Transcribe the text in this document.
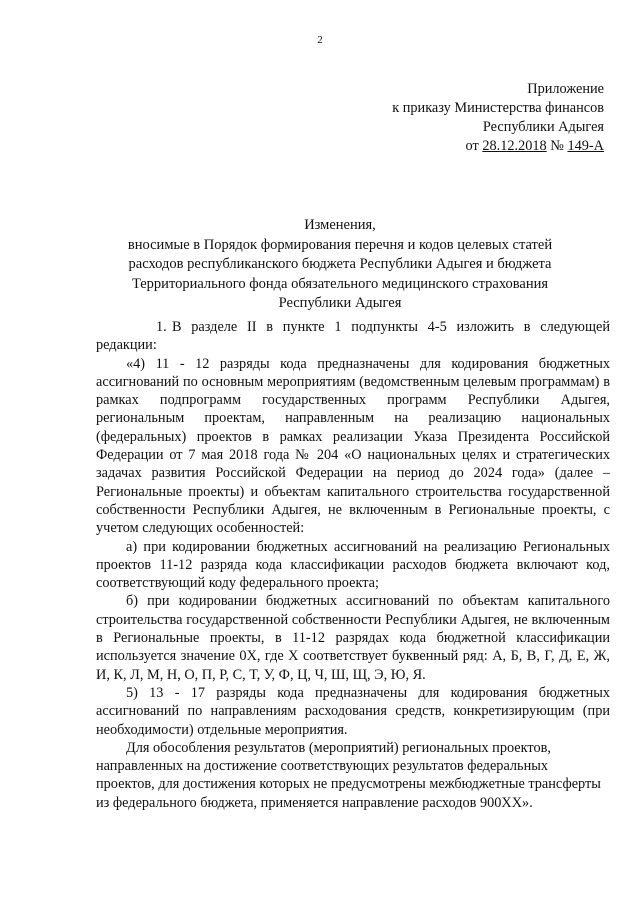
2
Приложение
к приказу Министерства финансов
Республики Адыгея
от 28.12.2018 № 149-А
Изменения,
вносимые в Порядок формирования перечня и кодов целевых статей
расходов республиканского бюджета Республики Адыгея и бюджета
Территориального фонда обязательного медицинского страхования
Республики Адыгея

1. В разделе II в пункте 1 подпункты 4-5 изложить в следующей редакции:

«4) 11 - 12 разряды кода предназначены для кодирования бюджетных ассигнований по основным мероприятиям (ведомственным целевым программам) в рамках подпрограмм государственных программ Республики Адыгея, региональным проектам, направленным на реализацию национальных (федеральных) проектов в рамках реализации Указа Президента Российской Федерации от 7 мая 2018 года № 204 «О национальных целях и стратегических задачах развития Российской Федерации на период до 2024 года» (далее – Региональные проекты) и объектам капитального строительства государственной собственности Республики Адыгея, не включенным в Региональные проекты, с учетом следующих особенностей:

а) при кодировании бюджетных ассигнований на реализацию Региональных проектов 11-12 разряда кода классификации расходов бюджета включают код, соответствующий коду федерального проекта;

б) при кодировании бюджетных ассигнований по объектам капитального строительства государственной собственности Республики Адыгея, не включенным в Региональные проекты, в 11-12 разрядах кода бюджетной классификации используется значение 0Х, где Х соответствует буквенный ряд: А, Б, В, Г, Д, Е, Ж, И, К, Л, М, Н, О, П, Р, С, Т, У, Ф, Ц, Ч, Ш, Щ, Э, Ю, Я.

5) 13 - 17 разряды кода предназначены для кодирования бюджетных ассигнований по направлениям расходования средств, конкретизирующим (при необходимости) отдельные мероприятия.

Для обособления результатов (мероприятий) региональных проектов, направленных на достижение соответствующих результатов федеральных проектов, для достижения которых не предусмотрены межбюджетные трансферты из федерального бюджета, применяется направление расходов 900ХХ».
